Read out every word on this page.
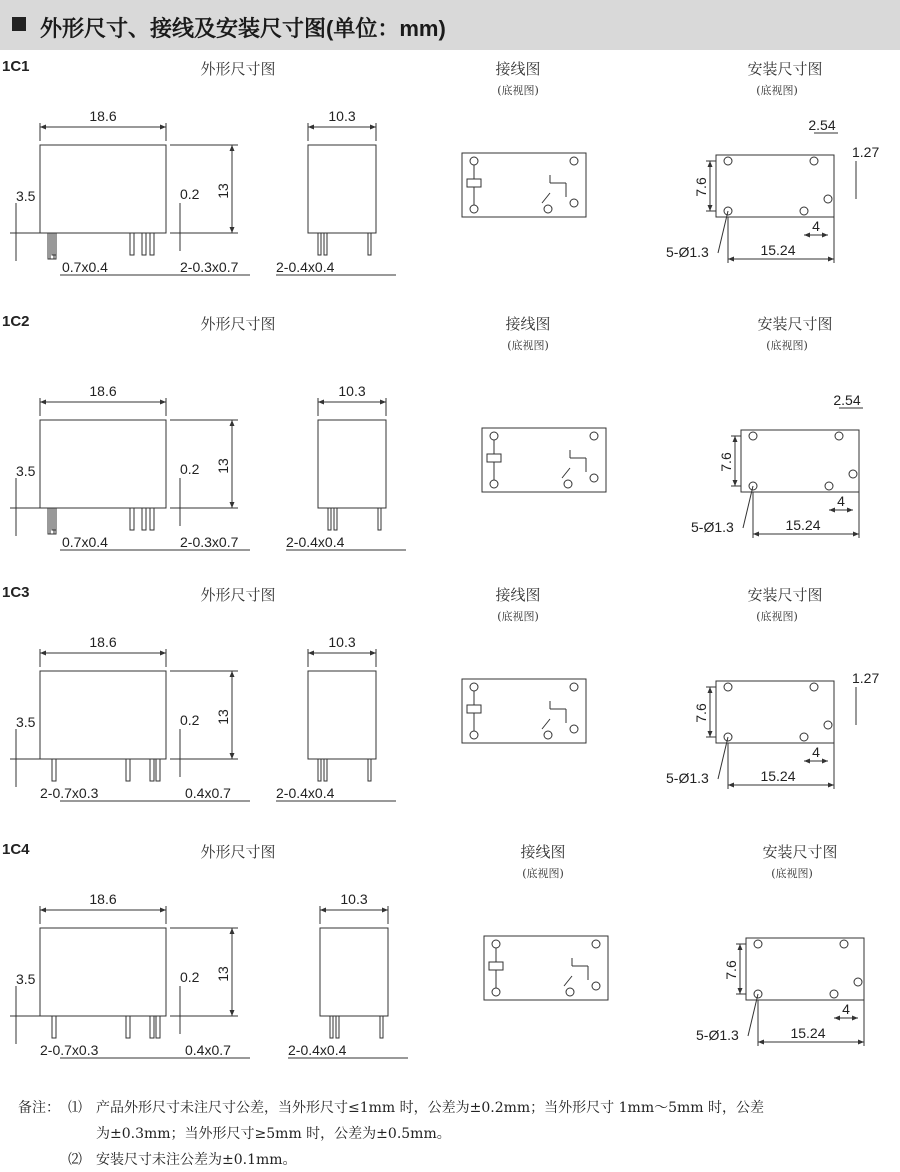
外形尺寸、接线及安装尺寸图(单位：mm)
1C1	外形尺寸图	接线图
(底视图)
安装尺寸图
(底视图)
18.6
13
3.5	0.2
0.7x0.4	2-0.3x0.7
10.3
2-0.4x0.4
7.6
15.24
5-Ø1.3
4
2.54
1.27
1C2	外形尺寸图	接线图
(底视图)
安装尺寸图
(底视图)
18.6
13
3.5	0.2
0.7x0.4	2-0.3x0.7
10.3
2-0.4x0.4
7.6
15.24
5-Ø1.3
4
2.54
1C3	外形尺寸图	接线图
(底视图)
安装尺寸图
(底视图)
18.6
13
3.5	0.2
2-0.7x0.3	0.4x0.7
10.3
2-0.4x0.4
7.6
15.24
5-Ø1.3
4
1.27
1C4	外形尺寸图	接线图
(底视图)
安装尺寸图
(底视图)
18.6
13
3.5	0.2
2-0.7x0.3	0.4x0.7
10.3
2-0.4x0.4
7.6
15.24
5-Ø1.3
4
备注： ⑴ 产品外形尺寸未注尺寸公差，当外形尺寸≤1mm 时，公差为±0.2mm；当外形尺寸 1mm～5mm 时，公差
为±0.3mm；当外形尺寸≥5mm 时，公差为±0.5mm。
⑵ 安装尺寸未注公差为±0.1mm。
